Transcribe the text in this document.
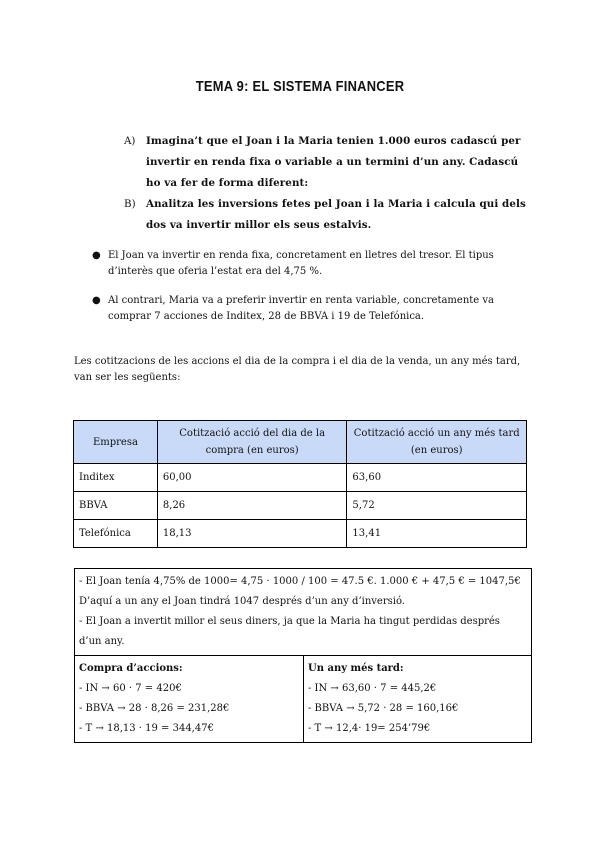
TEMA 9: EL SISTEMA FINANCER
A) Imagina’t que el Joan i la Maria tenien 1.000 euros cadascú per invertir en renda fixa o variable a un termini d’un any. Cadascú ho va fer de forma diferent:
B) Analitza les inversions fetes pel Joan i la Maria i calcula qui dels dos va invertir millor els seus estalvis.
● El Joan va invertir en renda fixa, concretament en lletres del tresor. El tipus d’interès que oferia l’estat era del 4,75 %.
● Al contrari, Maria va a preferir invertir en renta variable, concretamente va comprar 7 acciones de Inditex, 28 de BBVA i 19 de Telefónica.
Les cotitzacions de les accions el dia de la compra i el dia de la venda, un any més tard, van ser les següents:
Empresa	Cotització acció del dia de la compra (en euros)	Cotització acció un any més tard (en euros)
Inditex	60,00	63,60
BBVA	8,26	5,72
Telefónica	18,13	13,41
- El Joan tenía 4,75% de 1000= 4,75 · 1000 / 100 = 47.5 €. 1.000 € + 47,5 € = 1047,5€ D’aquí a un any el Joan tindrá 1047 després d’un any d’inversió.
- El Joan a invertit millor el seus diners, ja que la Maria ha tingut perdidas després d’un any.
Compra d’accions:
- IN → 60 · 7 = 420€
- BBVA → 28 · 8,26 = 231,28€
- T → 18,13 · 19 = 344,47€
Un any més tard:
- IN → 63,60 · 7 = 445,2€
- BBVA → 5,72 · 28 = 160,16€
- T → 12,4· 19= 254’79€
